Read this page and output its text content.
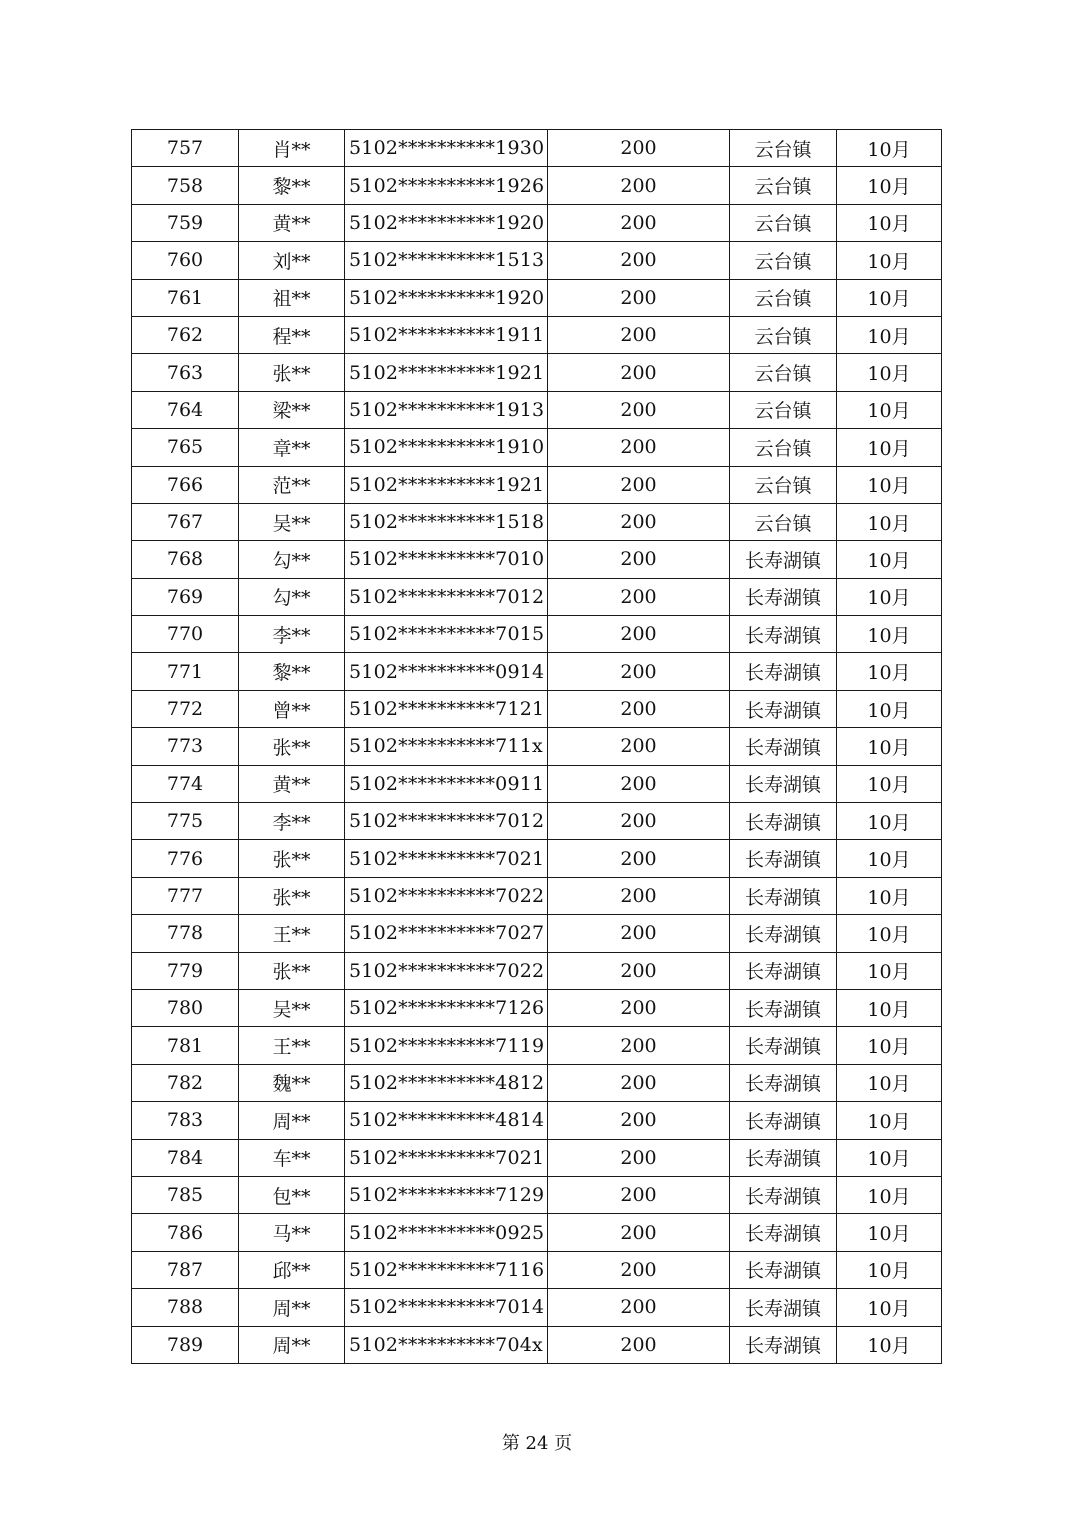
757	肖**	5102**********1930	200	云台镇	10月
758	黎**	5102**********1926	200	云台镇	10月
759	黄**	5102**********1920	200	云台镇	10月
760	刘**	5102**********1513	200	云台镇	10月
761	祖**	5102**********1920	200	云台镇	10月
762	程**	5102**********1911	200	云台镇	10月
763	张**	5102**********1921	200	云台镇	10月
764	梁**	5102**********1913	200	云台镇	10月
765	章**	5102**********1910	200	云台镇	10月
766	范**	5102**********1921	200	云台镇	10月
767	吴**	5102**********1518	200	云台镇	10月
768	勾**	5102**********7010	200	长寿湖镇	10月
769	勾**	5102**********7012	200	长寿湖镇	10月
770	李**	5102**********7015	200	长寿湖镇	10月
771	黎**	5102**********0914	200	长寿湖镇	10月
772	曾**	5102**********7121	200	长寿湖镇	10月
773	张**	5102**********711x	200	长寿湖镇	10月
774	黄**	5102**********0911	200	长寿湖镇	10月
775	李**	5102**********7012	200	长寿湖镇	10月
776	张**	5102**********7021	200	长寿湖镇	10月
777	张**	5102**********7022	200	长寿湖镇	10月
778	王**	5102**********7027	200	长寿湖镇	10月
779	张**	5102**********7022	200	长寿湖镇	10月
780	吴**	5102**********7126	200	长寿湖镇	10月
781	王**	5102**********7119	200	长寿湖镇	10月
782	魏**	5102**********4812	200	长寿湖镇	10月
783	周**	5102**********4814	200	长寿湖镇	10月
784	车**	5102**********7021	200	长寿湖镇	10月
785	包**	5102**********7129	200	长寿湖镇	10月
786	马**	5102**********0925	200	长寿湖镇	10月
787	邱**	5102**********7116	200	长寿湖镇	10月
788	周**	5102**********7014	200	长寿湖镇	10月
789	周**	5102**********704x	200	长寿湖镇	10月
第 24 页
